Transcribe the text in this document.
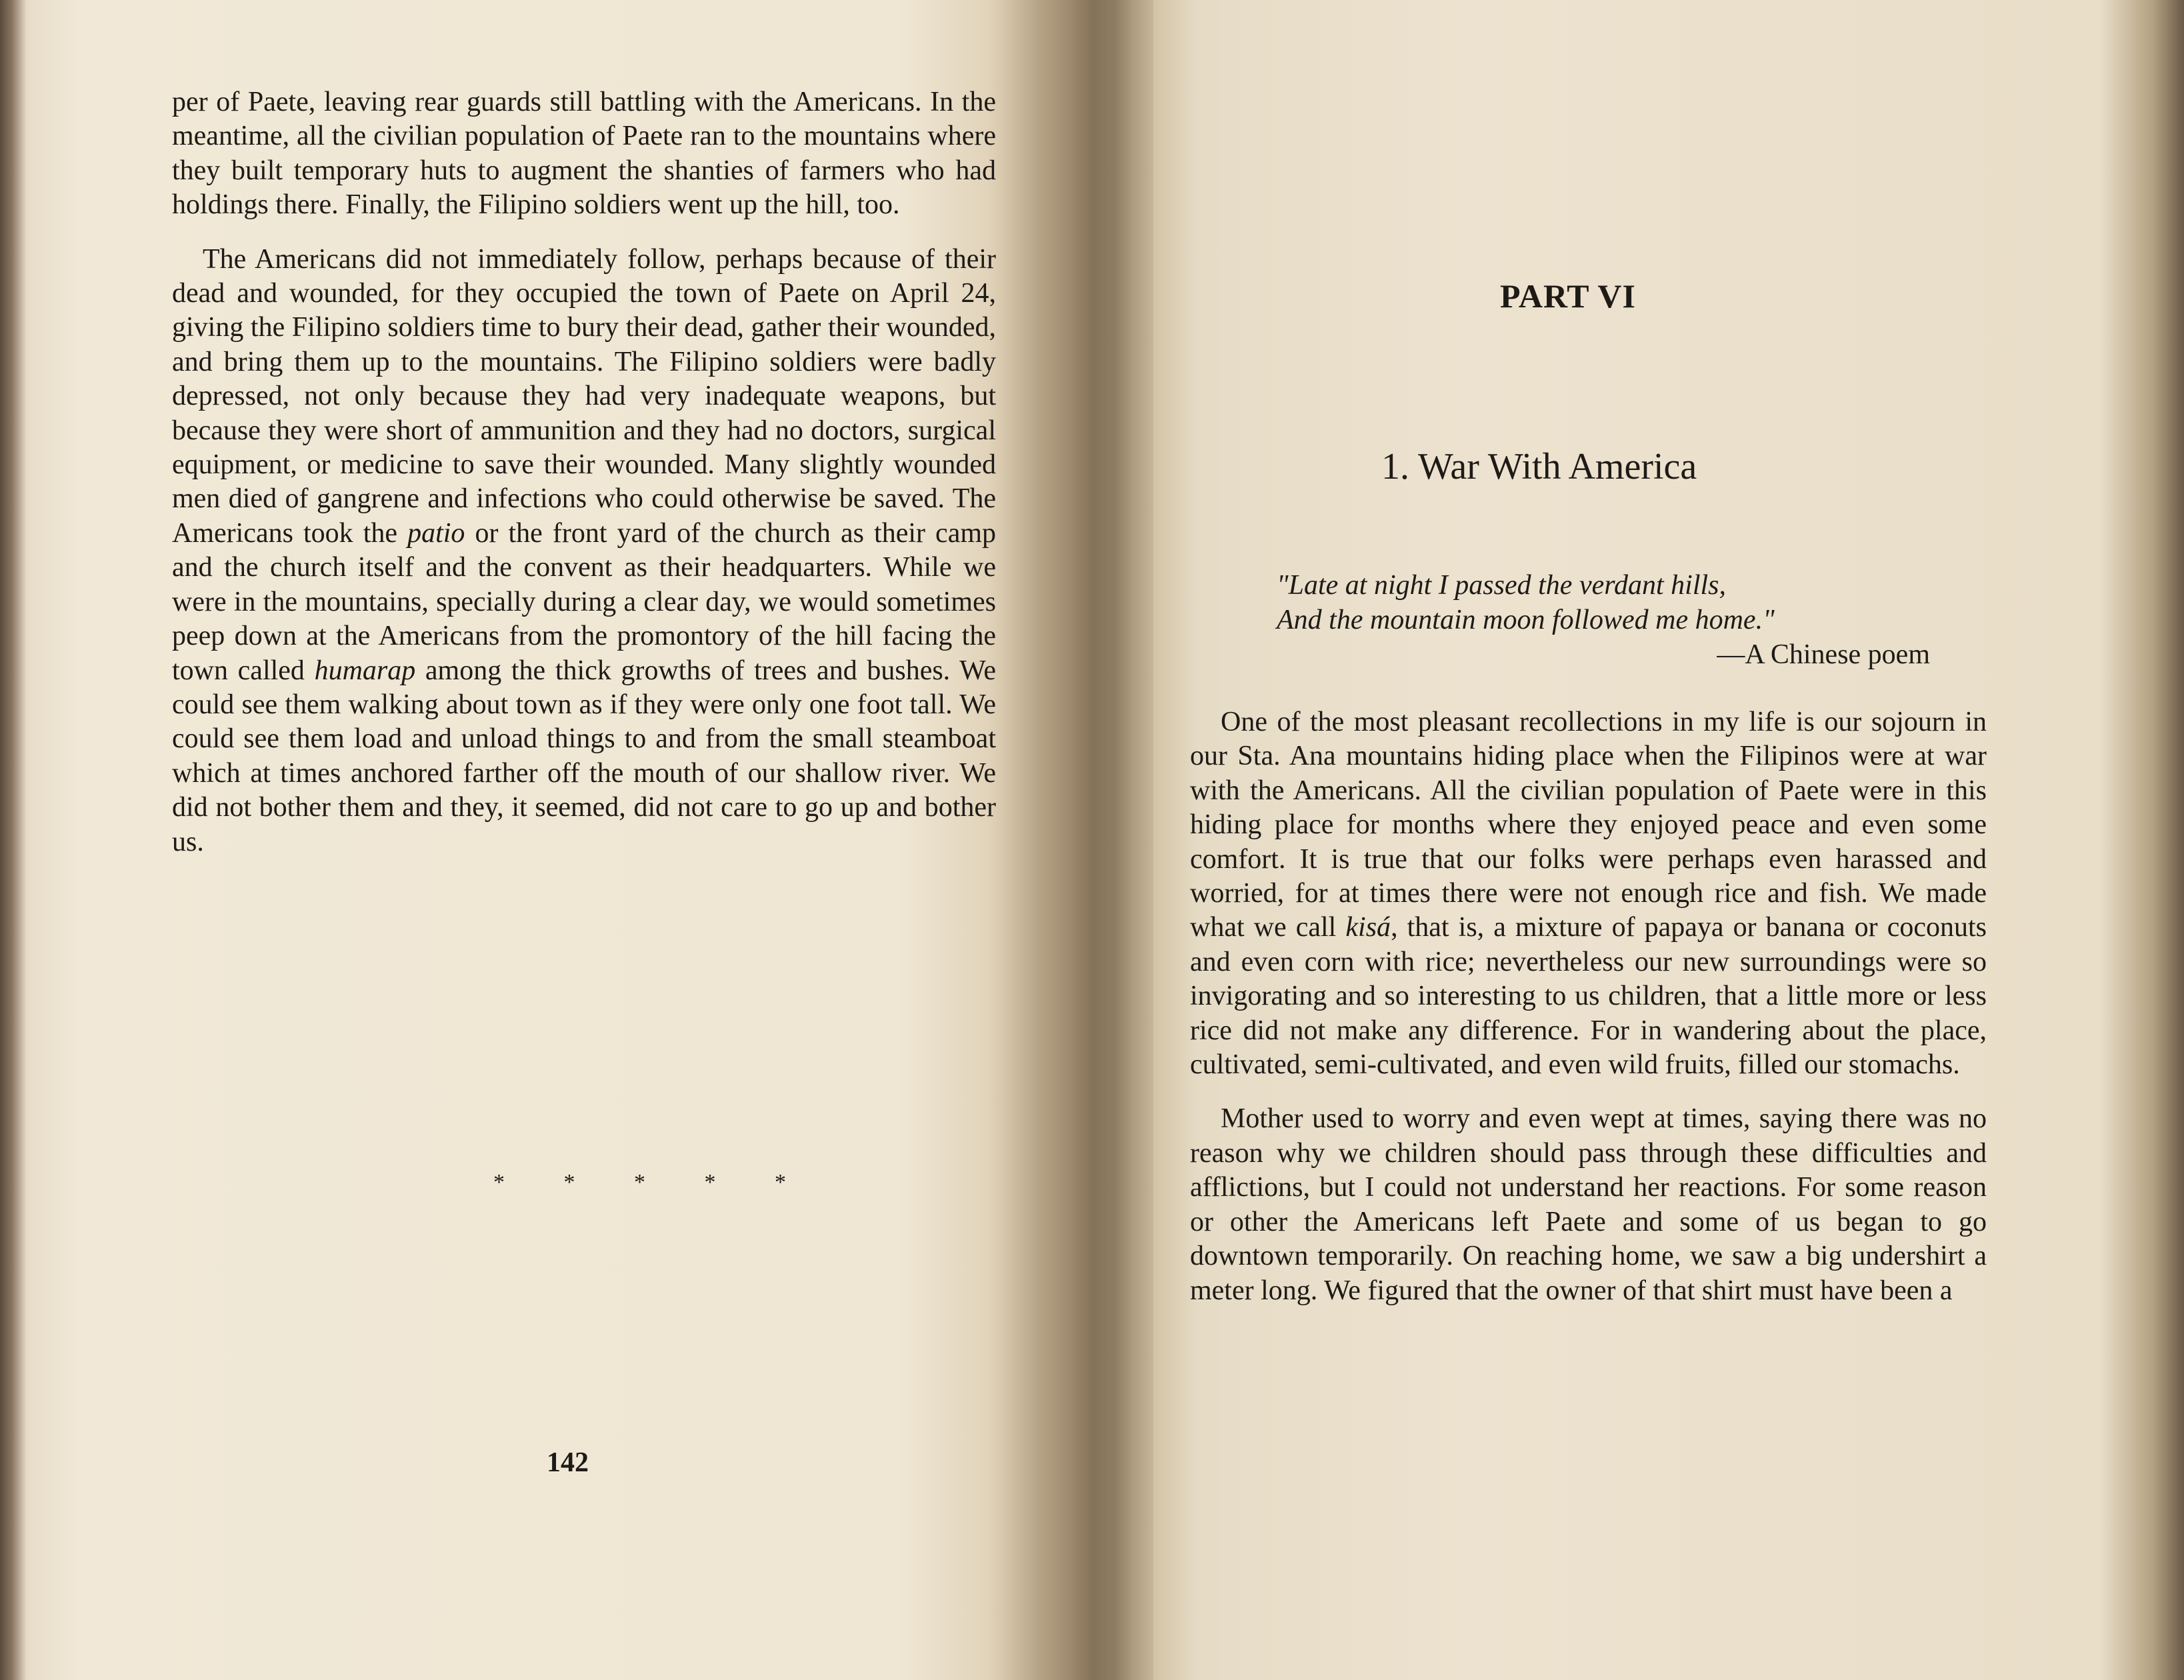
per of Paete, leaving rear guards still battling with the Americans. In the meantime, all the civilian population of Paete ran to the mountains where they built temporary huts to augment the shanties of farmers who had holdings there. Finally, the Filipino soldiers went up the hill, too.

The Americans did not immediately follow, perhaps because of their dead and wounded, for they occupied the town of Paete on April 24, giving the Filipino soldiers time to bury their dead, gather their wounded, and bring them up to the mountains. The Filipino soldiers were badly depressed, not only because they had very inadequate weapons, but because they were short of ammunition and they had no doctors, surgical equipment, or medicine to save their wounded. Many slightly wounded men died of gangrene and infections who could otherwise be saved. The Americans took the patio or the front yard of the church as their camp and the church itself and the convent as their headquarters. While we were in the mountains, specially during a clear day, we would sometimes peep down at the Americans from the promontory of the hill facing the town called humarap among the thick growths of trees and bushes. We could see them walking about town as if they were only one foot tall. We could see them load and unload things to and from the small steamboat which at times anchored farther off the mouth of our shallow river. We did not bother them and they, it seemed, did not care to go up and bother us.

* * * * *
142
PART VI
1. War With America
"Late at night I passed the verdant hills,
And the mountain moon followed me home."
—A Chinese poem

One of the most pleasant recollections in my life is our sojourn in our Sta. Ana mountains hiding place when the Filipinos were at war with the Americans. All the civilian population of Paete were in this hiding place for months where they enjoyed peace and even some comfort. It is true that our folks were perhaps even harassed and worried, for at times there were not enough rice and fish. We made what we call kisá, that is, a mixture of papaya or banana or coconuts and even corn with rice; nevertheless our new surroundings were so invigorating and so interesting to us children, that a little more or less rice did not make any difference. For in wandering about the place, cultivated, semi-cultivated, and even wild fruits, filled our stomachs.

Mother used to worry and even wept at times, saying there was no reason why we children should pass through these difficulties and afflictions, but I could not understand her reactions. For some reason or other the Americans left Paete and some of us began to go downtown temporarily. On reaching home, we saw a big undershirt a meter long. We figured that the owner of that shirt must have been a
